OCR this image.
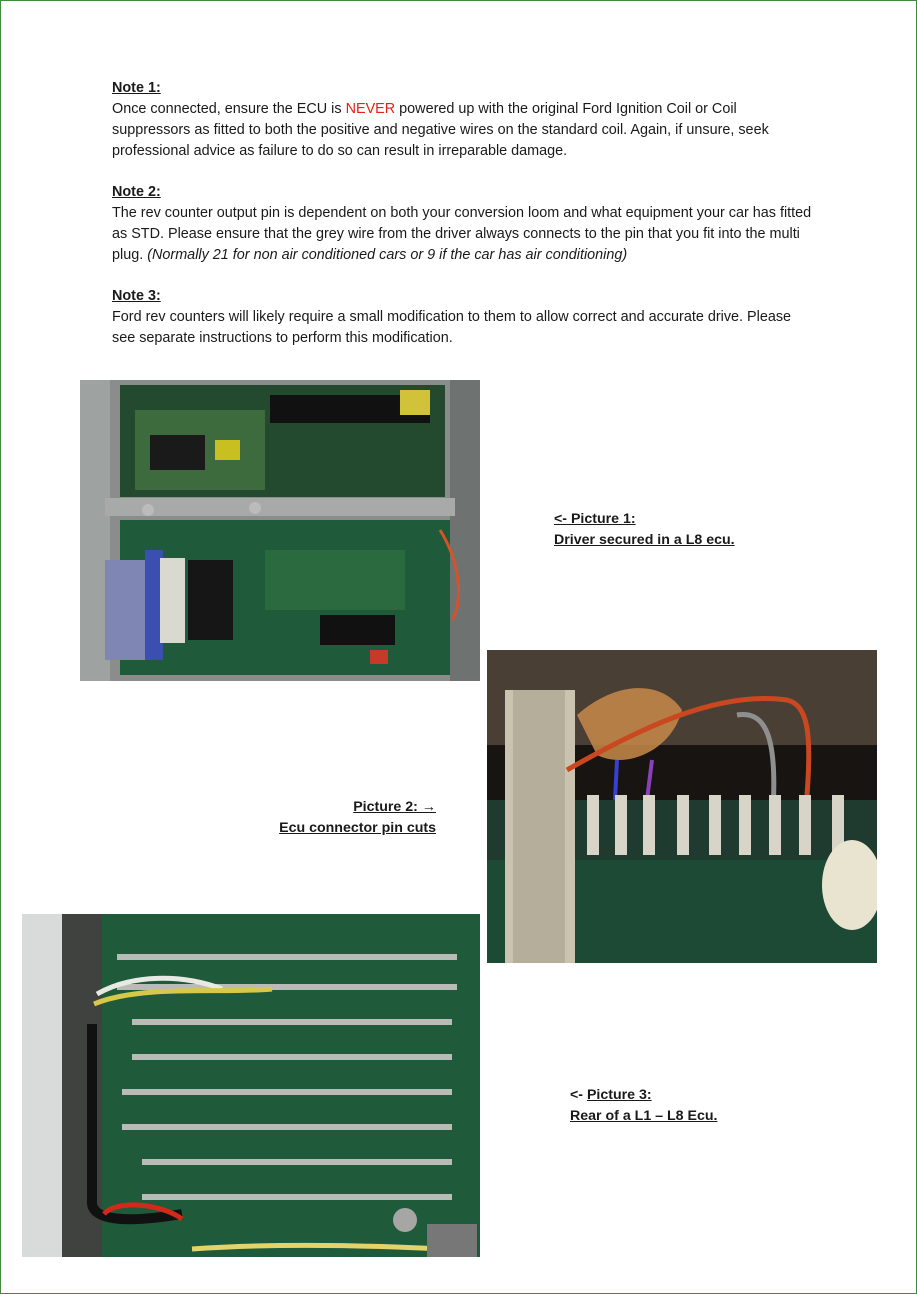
Note 1:
Once connected, ensure the ECU is NEVER powered up with the original Ford Ignition Coil or Coil suppressors as fitted to both the positive and negative wires on the standard coil. Again, if unsure, seek professional advice as failure to do so can result in irreparable damage.

Note 2:
The rev counter output pin is dependent on both your conversion loom and what equipment your car has fitted as STD. Please ensure that the grey wire from the driver always connects to the pin that you fit into the multi plug. (Normally 21 for non air conditioned cars or 9 if the car has air conditioning)

Note 3:
Ford rev counters will likely require a small modification to them to allow correct and accurate drive. Please see separate instructions to perform this modification.

<- Picture 1:
Driver secured in a L8 ecu.
Picture 2: →
Ecu connector pin cuts
<- Picture 3:
Rear of a L1 – L8 Ecu.
